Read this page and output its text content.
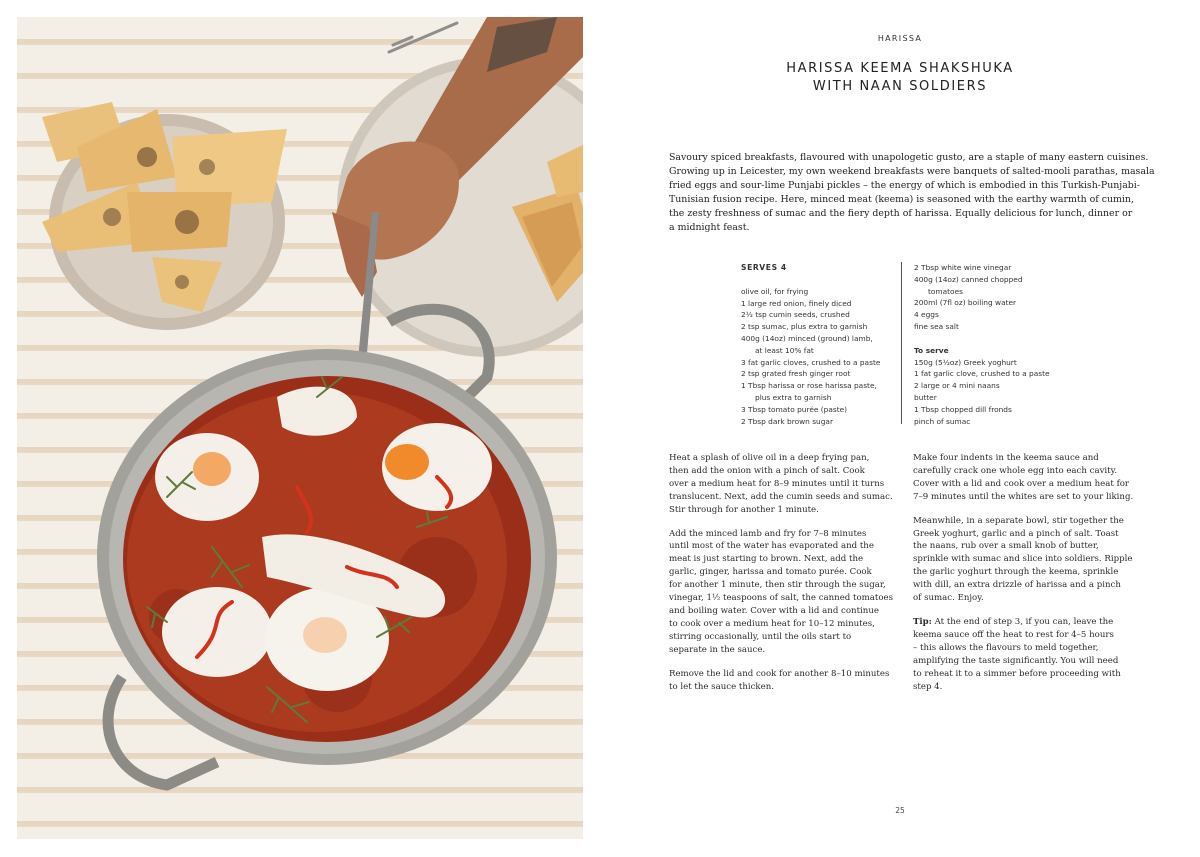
HARISSA
HARISSA KEEMA SHAKSHUKA
WITH NAAN SOLDIERS
Savoury spiced breakfasts, flavoured with unapologetic gusto, are a staple of many eastern cuisines.
Growing up in Leicester, my own weekend breakfasts were banquets of salted-mooli parathas, masala
fried eggs and sour-lime Punjabi pickles – the energy of which is embodied in this Turkish-Punjabi-
Tunisian fusion recipe. Here, minced meat (keema) is seasoned with the earthy warmth of cumin,
the zesty freshness of sumac and the fiery depth of harissa. Equally delicious for lunch, dinner or
a midnight feast.
SERVES 4
olive oil, for frying
1 large red onion, finely diced
2½ tsp cumin seeds, crushed
2 tsp sumac, plus extra to garnish
400g (14oz) minced (ground) lamb,
at least 10% fat
3 fat garlic cloves, crushed to a paste
2 tsp grated fresh ginger root
1 Tbsp harissa or rose harissa paste,
plus extra to garnish
3 Tbsp tomato purée (paste)
2 Tbsp dark brown sugar
2 Tbsp white wine vinegar
400g (14oz) canned chopped
tomatoes
200ml (7fl oz) boiling water
4 eggs
fine sea salt
To serve
150g (5½oz) Greek yoghurt
1 fat garlic clove, crushed to a paste
2 large or 4 mini naans
butter
1 Tbsp chopped dill fronds
pinch of sumac

Heat a splash of olive oil in a deep frying pan,
then add the onion with a pinch of salt. Cook
over a medium heat for 8–9 minutes until it turns
translucent. Next, add the cumin seeds and sumac.
Stir through for another 1 minute.

Add the minced lamb and fry for 7–8 minutes
until most of the water has evaporated and the
meat is just starting to brown. Next, add the
garlic, ginger, harissa and tomato purée. Cook
for another 1 minute, then stir through the sugar,
vinegar, 1½ teaspoons of salt, the canned tomatoes
and boiling water. Cover with a lid and continue
to cook over a medium heat for 10–12 minutes,
stirring occasionally, until the oils start to
separate in the sauce.

Remove the lid and cook for another 8–10 minutes
to let the sauce thicken.

Make four indents in the keema sauce and
carefully crack one whole egg into each cavity.
Cover with a lid and cook over a medium heat for
7–9 minutes until the whites are set to your liking.

Meanwhile, in a separate bowl, stir together the
Greek yoghurt, garlic and a pinch of salt. Toast
the naans, rub over a small knob of butter,
sprinkle with sumac and slice into soldiers. Ripple
the garlic yoghurt through the keema, sprinkle
with dill, an extra drizzle of harissa and a pinch
of sumac. Enjoy.

Tip: At the end of step 3, if you can, leave the
keema sauce off the heat to rest for 4–5 hours
– this allows the flavours to meld together,
amplifying the taste significantly. You will need
to reheat it to a simmer before proceeding with
step 4.

25
